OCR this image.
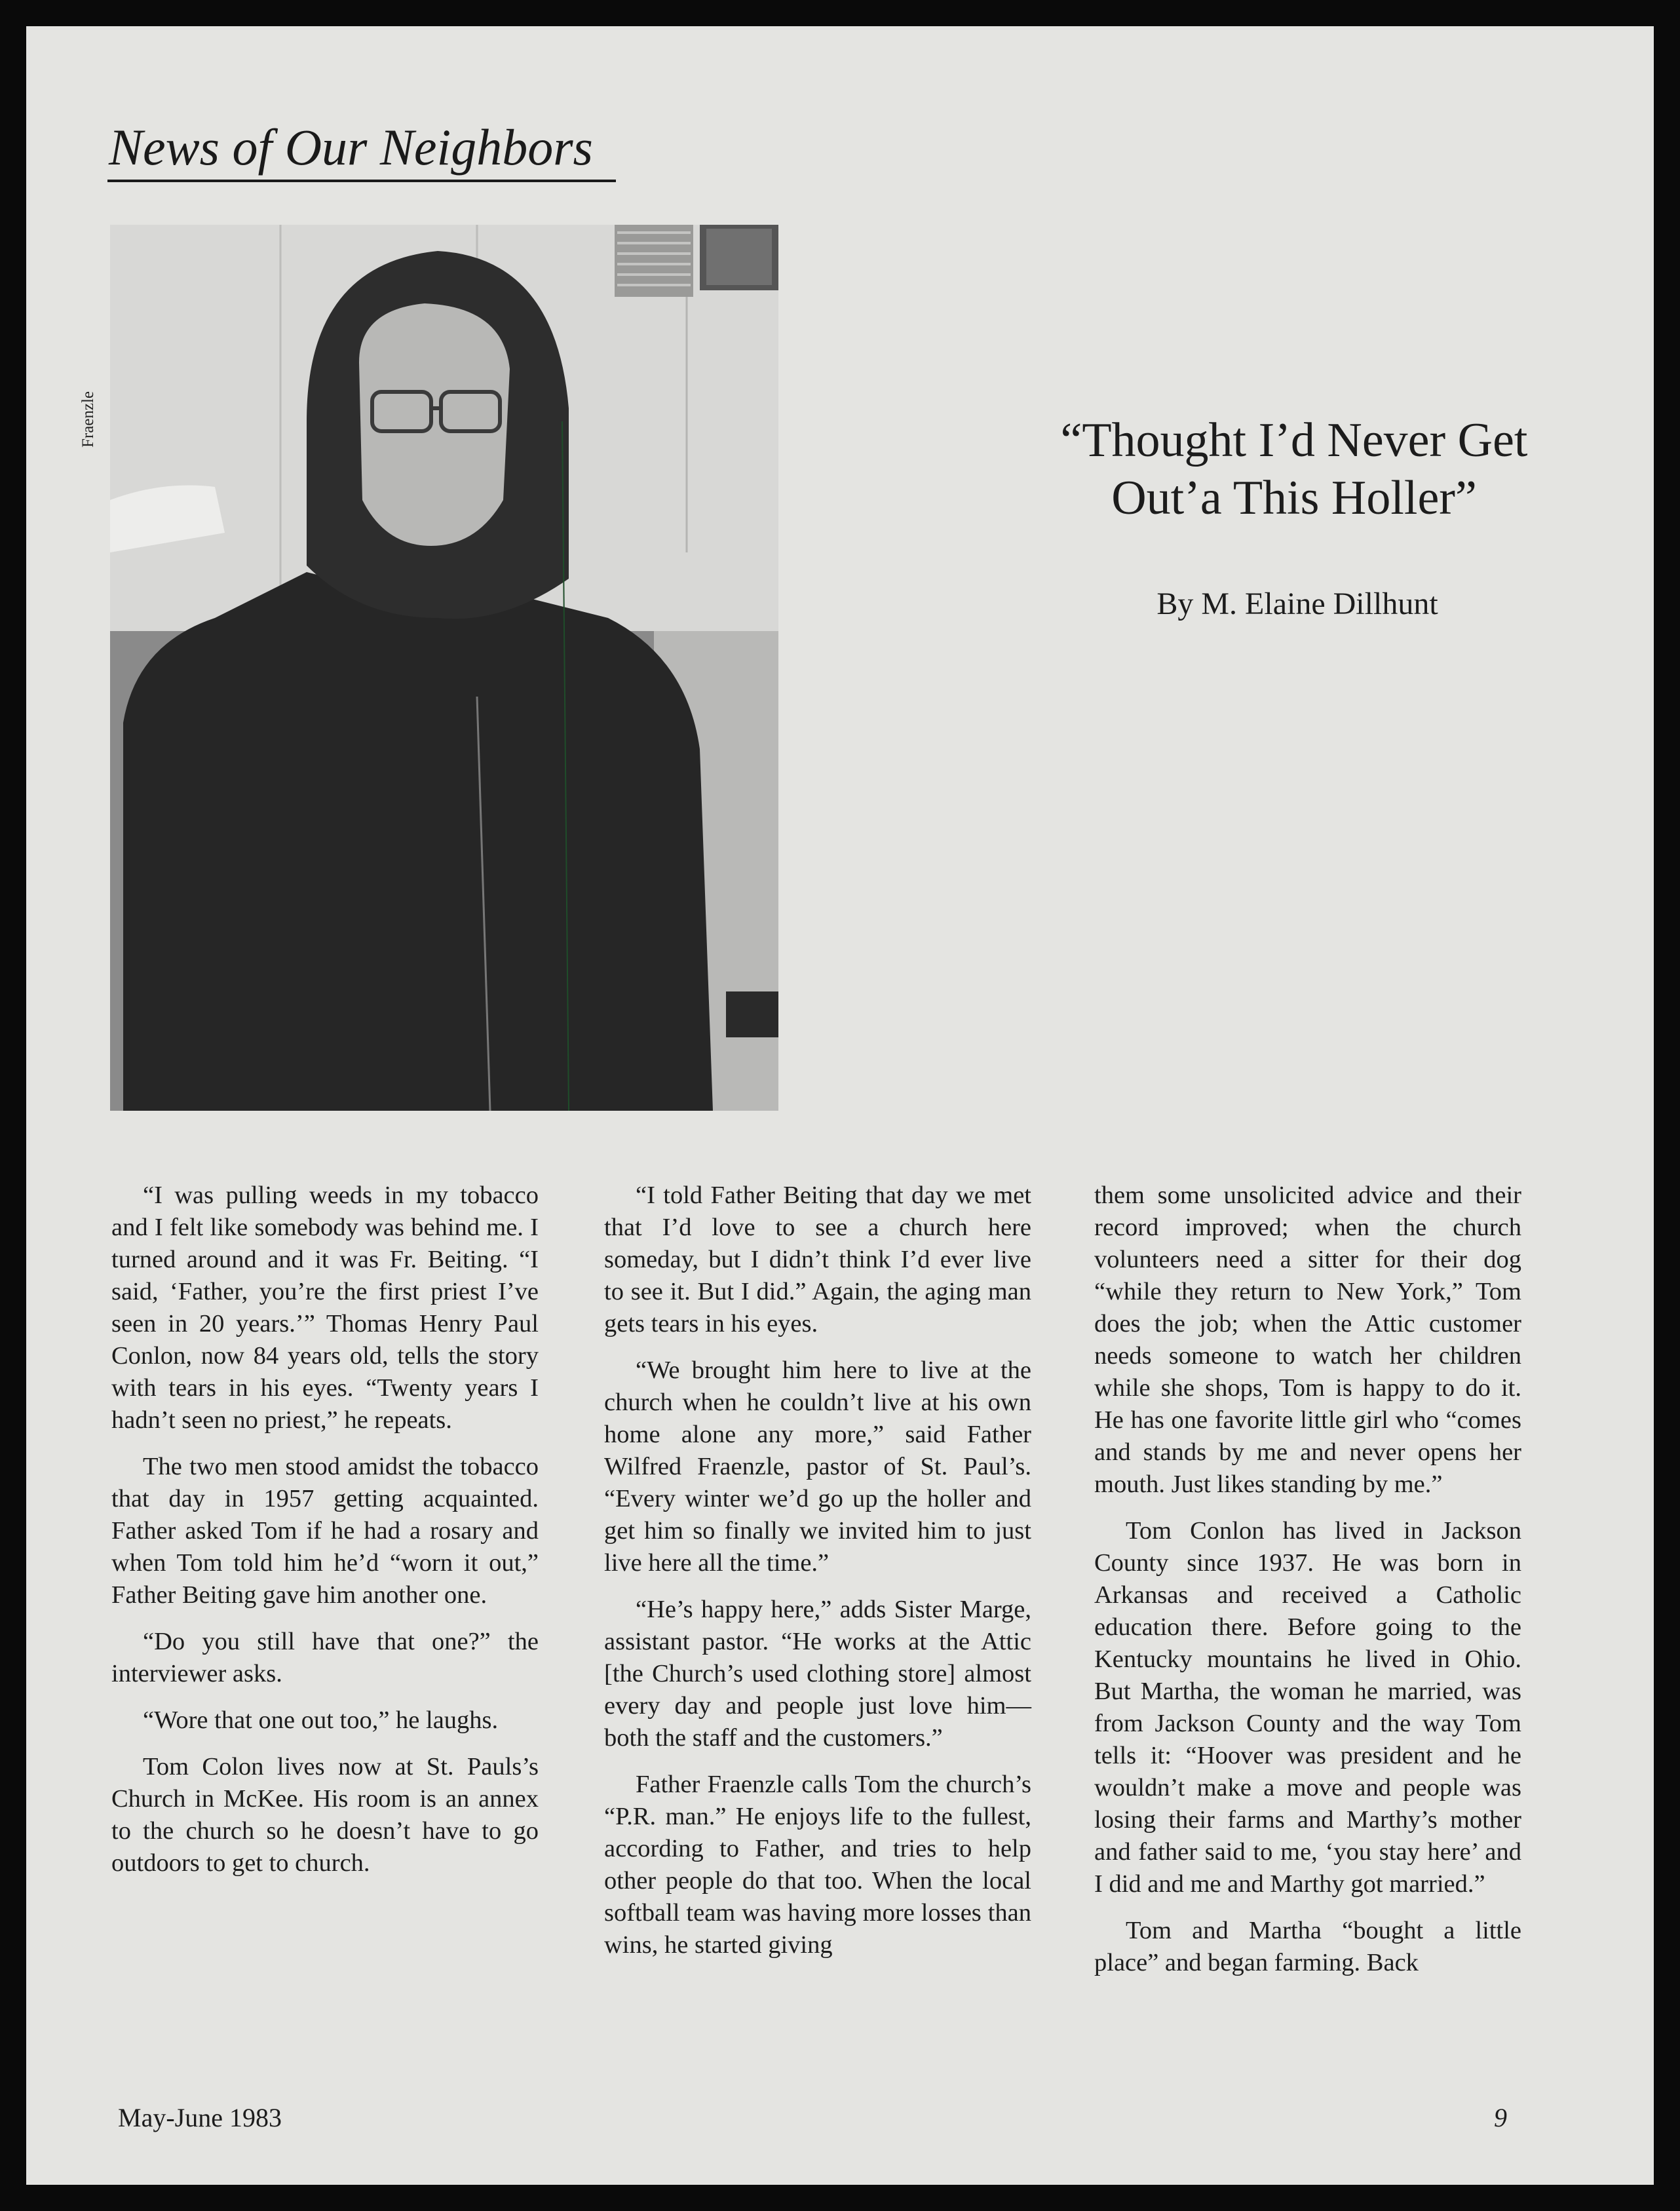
News of Our Neighbors
Fraenzle	“Thought I’d Never Get
Out’a This Holler”
By M. Elaine Dillhunt

“I was pulling weeds in my tobacco and I felt like somebody was behind me. I turned around and it was Fr. Beiting. “I said, ‘Father, you’re the first priest I’ve seen in 20 years.’” Thomas Henry Paul Conlon, now 84 years old, tells the story with tears in his eyes. “Twenty years I hadn’t seen no priest,” he repeats.

The two men stood amidst the tobacco that day in 1957 getting acquainted. Father asked Tom if he had a rosary and when Tom told him he’d “worn it out,” Father Beiting gave him another one.

“Do you still have that one?” the interviewer asks.

“Wore that one out too,” he laughs.

Tom Colon lives now at St. Pauls’s Church in McKee. His room is an annex to the church so he doesn’t have to go outdoors to get to church.

“I told Father Beiting that day we met that I’d love to see a church here someday, but I didn’t think I’d ever live to see it. But I did.” Again, the aging man gets tears in his eyes.

“We brought him here to live at the church when he couldn’t live at his own home alone any more,” said Father Wilfred Fraenzle, pastor of St. Paul’s. “Every winter we’d go up the holler and get him so finally we invited him to just live here all the time.”

“He’s happy here,” adds Sister Marge, assistant pastor. “He works at the Attic [the Church’s used clothing store] almost every day and people just love him— both the staff and the customers.”

Father Fraenzle calls Tom the church’s “P.R. man.” He enjoys life to the fullest, according to Father, and tries to help other people do that too. When the local softball team was having more losses than wins, he started giving

them some unsolicited advice and their record improved; when the church volunteers need a sitter for their dog “while they return to New York,” Tom does the job; when the Attic customer needs someone to watch her children while she shops, Tom is happy to do it. He has one favorite little girl who “comes and stands by me and never opens her mouth. Just likes standing by me.”

Tom Conlon has lived in Jackson County since 1937. He was born in Arkansas and received a Catholic education there. Before going to the Kentucky mountains he lived in Ohio. But Martha, the woman he married, was from Jackson County and the way Tom tells it: “Hoover was president and he wouldn’t make a move and people was losing their farms and Marthy’s mother and father said to me, ‘you stay here’ and I did and me and Marthy got married.”

Tom and Martha “bought a little place” and began farming. Back

May-June 1983	9
